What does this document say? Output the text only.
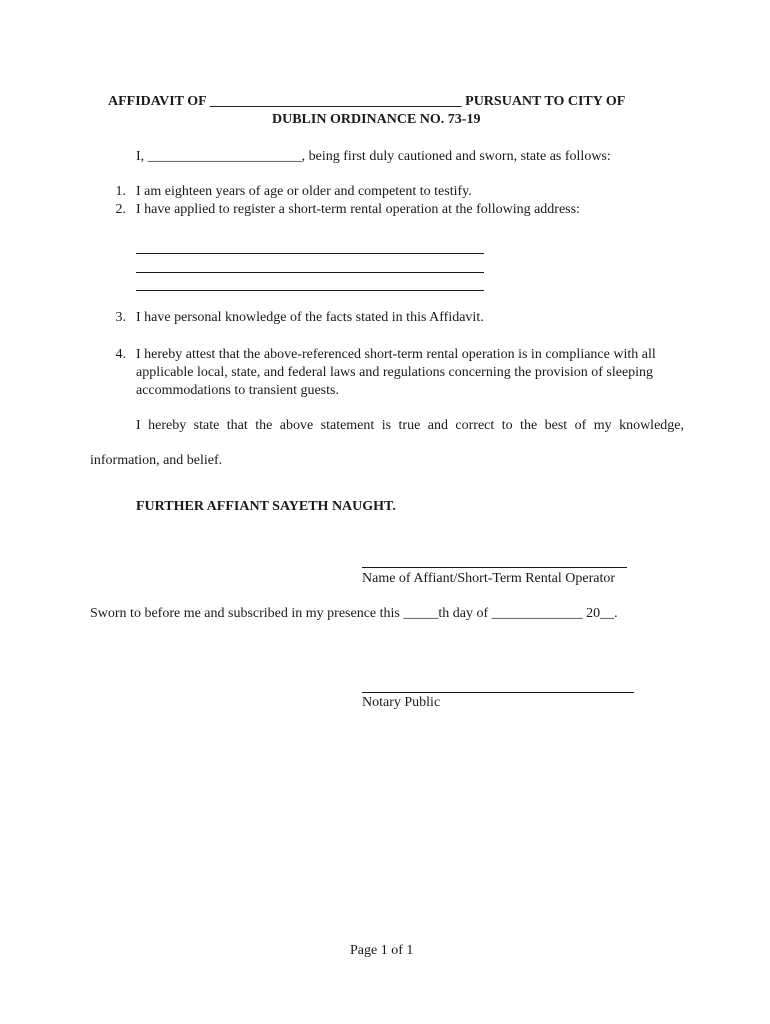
AFFIDAVIT OF ____________________________________ PURSUANT TO CITY OF
DUBLIN ORDINANCE NO. 73-19
I, ______________________, being first duly cautioned and sworn, state as follows:
1. I am eighteen years of age or older and competent to testify.
2. I have applied to register a short-term rental operation at the following address:
3. I have personal knowledge of the facts stated in this Affidavit.
4. I hereby attest that the above-referenced short-term rental operation is in compliance with all applicable local, state, and federal laws and regulations concerning the provision of sleeping accommodations to transient guests.
I hereby state that the above statement is true and correct to the best of my knowledge,
information, and belief.
FURTHER AFFIANT SAYETH NAUGHT.
Name of Affiant/Short-Term Rental Operator
Sworn to before me and subscribed in my presence this _____th day of _____________ 20__.
Notary Public
Page 1 of 1
